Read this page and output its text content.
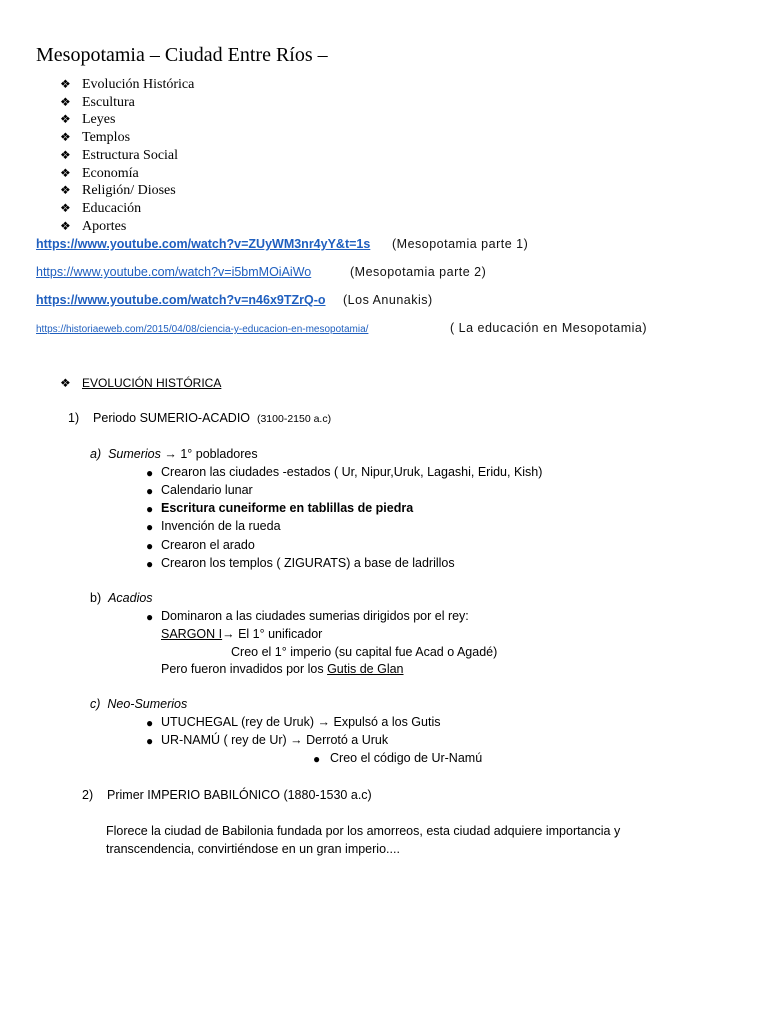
Mesopotamia – Ciudad Entre Ríos –
❖ Evolución Histórica
❖ Escultura
❖ Leyes
❖ Templos
❖ Estructura Social
❖ Economía
❖ Religión/ Dioses
❖ Educación
❖ Aportes
https://www.youtube.com/watch?v=ZUyWM3nr4yY&t=1s (Mesopotamia parte 1)
https://www.youtube.com/watch?v=i5bmMOiAiWo	(Mesopotamia parte 2)
https://www.youtube.com/watch?v=n46x9TZrQ-o (Los Anunakis)
https://historiaeweb.com/2015/04/08/ciencia-y-educacion-en-mesopotamia/	( La educación en Mesopotamia)
❖ EVOLUCIÓN HISTÓRICA
1) Periodo SUMERIO-ACADIO (3100-2150 a.c)
a) Sumerios → 1° pobladores
● Crearon las ciudades -estados ( Ur, Nipur,Uruk, Lagashi, Eridu, Kish)
● Calendario lunar
● Escritura cuneiforme en tablillas de piedra
● Invención de la rueda
● Crearon el arado
● Crearon los templos ( ZIGURATS) a base de ladrillos
b) Acadios
● Dominaron a las ciudades sumerias dirigidos por el rey:
SARGON I→ El 1° unificador
Creo el 1° imperio (su capital fue Acad o Agadé)
Pero fueron invadidos por los Gutis de Glan
c) Neo-Sumerios
● UTUCHEGAL (rey de Uruk) → Expulsó a los Gutis
● UR-NAMÚ ( rey de Ur) → Derrotó a Uruk
● Creo el código de Ur-Namú
2) Primer IMPERIO BABILÓNICO (1880-1530 a.c)
Florece la ciudad de Babilonia fundada por los amorreos, esta ciudad adquiere importancia y
transcendencia, convirtiéndose en un gran imperio....
